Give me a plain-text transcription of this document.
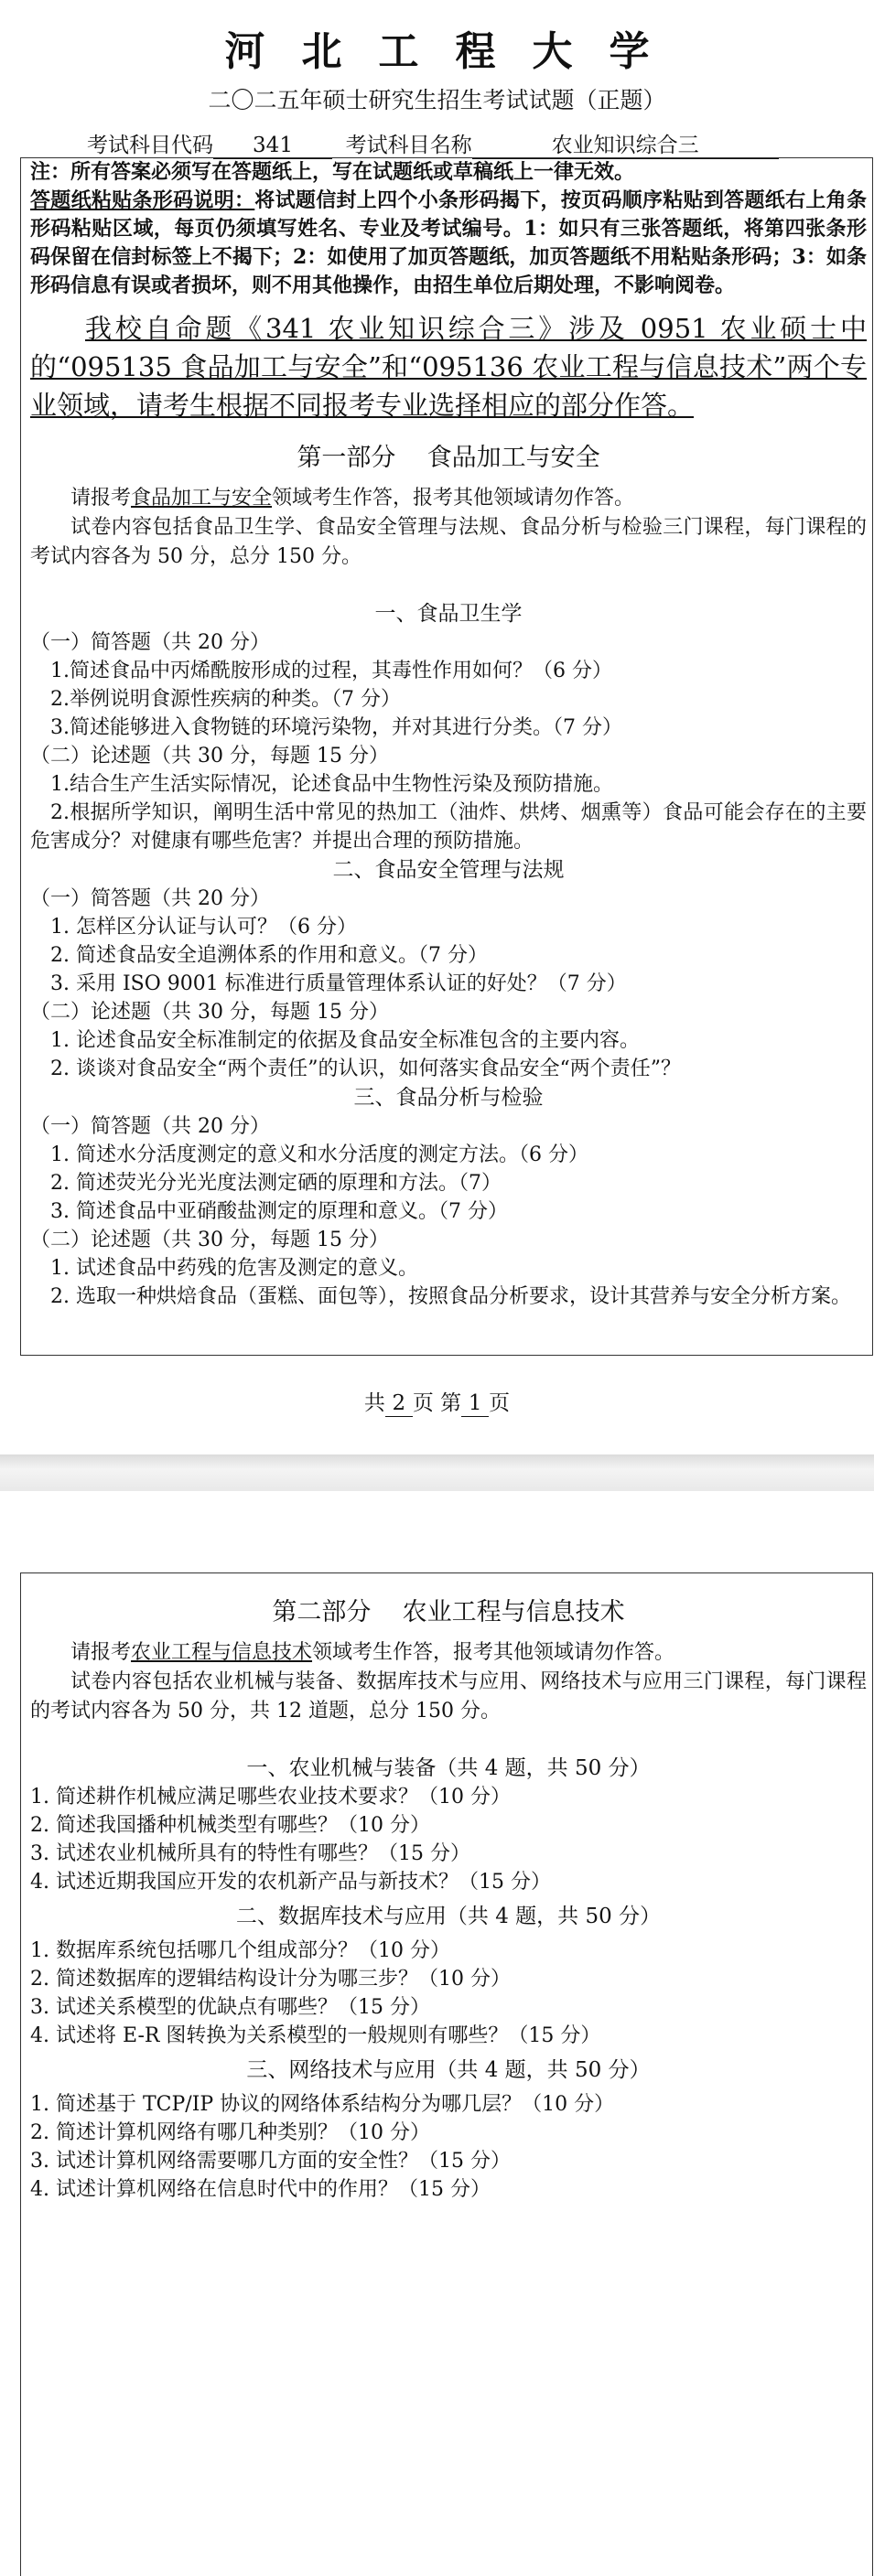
河北工程大学
二〇二五年硕士研究生招生考试试题（正题）
考试科目代码 341	考试科目名称	农业知识综合三

注：所有答案必须写在答题纸上，写在试题纸或草稿纸上一律无效。

答题纸粘贴条形码说明：将试题信封上四个小条形码揭下，按页码顺序粘贴到答题纸右上角条形码粘贴区域，每页仍须填写姓名、专业及考试编号。1：如只有三张答题纸，将第四张条形码保留在信封标签上不揭下；2：如使用了加页答题纸，加页答题纸不用粘贴条形码；3：如条形码信息有误或者损坏，则不用其他操作，由招生单位后期处理，不影响阅卷。

我校自命题《341 农业知识综合三》涉及 0951 农业硕士中的“095135 食品加工与安全”和“095136 农业工程与信息技术”两个专业领域，请考生根据不同报考专业选择相应的部分作答。

第一部分    食品加工与安全

请报考食品加工与安全领域考生作答，报考其他领域请勿作答。

试卷内容包括食品卫生学、食品安全管理与法规、食品分析与检验三门课程，每门课程的考试内容各为 50 分，总分 150 分。

一、食品卫生学

（一）简答题（共 20 分）

1.简述食品中丙烯酰胺形成的过程，其毒性作用如何？（6 分）

2.举例说明食源性疾病的种类。（7 分）

3.简述能够进入食物链的环境污染物，并对其进行分类。（7 分）

（二）论述题（共 30 分，每题 15 分）

1.结合生产生活实际情况，论述食品中生物性污染及预防措施。

2.根据所学知识，阐明生活中常见的热加工（油炸、烘烤、烟熏等）食品可能会存在的主要危害成分？对健康有哪些危害？并提出合理的预防措施。

二、食品安全管理与法规

（一）简答题（共 20 分）

1. 怎样区分认证与认可？（6 分）

2. 简述食品安全追溯体系的作用和意义。（7 分）

3. 采用 ISO 9001 标准进行质量管理体系认证的好处？（7 分）

（二）论述题（共 30 分，每题 15 分）

1. 论述食品安全标准制定的依据及食品安全标准包含的主要内容。

2. 谈谈对食品安全“两个责任”的认识，如何落实食品安全“两个责任”？

三、食品分析与检验

（一）简答题（共 20 分）

1. 简述水分活度测定的意义和水分活度的测定方法。（6 分）

2. 简述荧光分光光度法测定硒的原理和方法。（7）

3. 简述食品中亚硝酸盐测定的原理和意义。（7 分）

（二）论述题（共 30 分，每题 15 分）

1. 试述食品中药残的危害及测定的意义。

2. 选取一种烘焙食品（蛋糕、面包等），按照食品分析要求，设计其营养与安全分析方案。

共 2 页 第 1 页
第二部分    农业工程与信息技术

请报考农业工程与信息技术领域考生作答，报考其他领域请勿作答。

试卷内容包括农业机械与装备、数据库技术与应用、网络技术与应用三门课程，每门课程的考试内容各为 50 分，共 12 道题，总分 150 分。

一、农业机械与装备（共 4 题，共 50 分）

1. 简述耕作机械应满足哪些农业技术要求？（10 分）

2. 简述我国播种机械类型有哪些？（10 分）

3. 试述农业机械所具有的特性有哪些？（15 分）

4. 试述近期我国应开发的农机新产品与新技术？（15 分）

二、数据库技术与应用（共 4 题，共 50 分）

1. 数据库系统包括哪几个组成部分？（10 分）

2. 简述数据库的逻辑结构设计分为哪三步？（10 分）

3. 试述关系模型的优缺点有哪些？（15 分）

4. 试述将 E-R 图转换为关系模型的一般规则有哪些？（15 分）

三、网络技术与应用（共 4 题，共 50 分）

1. 简述基于 TCP/IP 协议的网络体系结构分为哪几层？（10 分）

2. 简述计算机网络有哪几种类别？（10 分）

3. 试述计算机网络需要哪几方面的安全性？（15 分）

4. 试述计算机网络在信息时代中的作用？（15 分）
